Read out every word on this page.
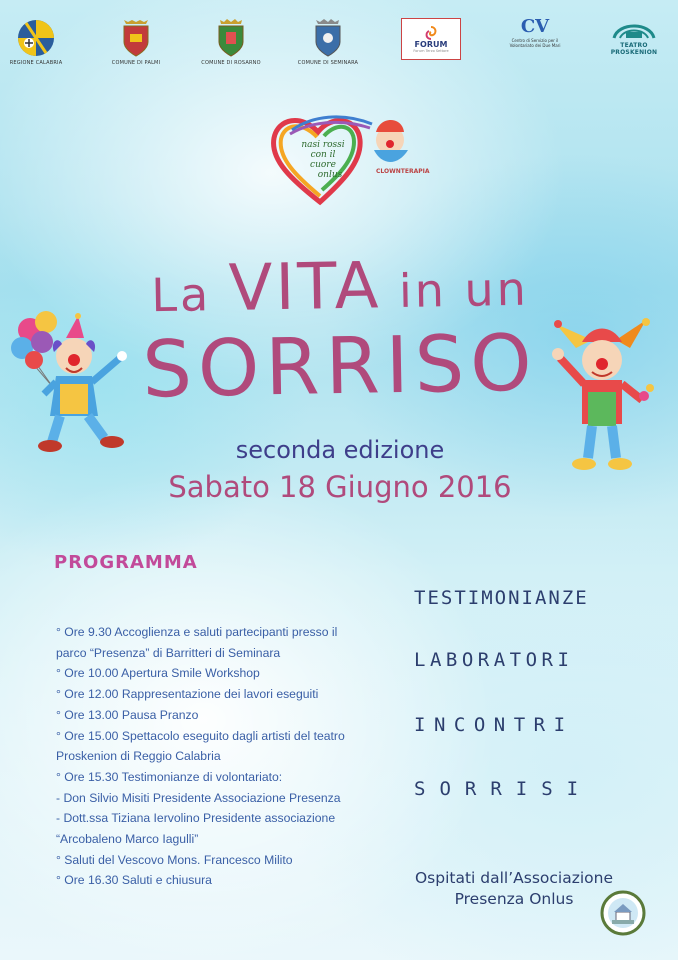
REGIONE CALABRIA	COMUNE DI PALMI	COMUNE DI ROSARNO	COMUNE DI SEMINARA
FORUM
Forum Terzo Settore
CV
Centro di Servizio per il Volontariato dei Due Mari	TEATRO
PROSKENION
nasi rossi
con il cuore
onlus	CLOWNTERAPIA
La VITA in un
SORRISO
seconda edizione
Sabato 18 Giugno 2016
PROGRAMMA
° Ore 9.30 Accoglienza e saluti partecipanti presso il
parco “Presenza” di Barritteri di Seminara
° Ore 10.00 Apertura Smile Workshop
° Ore 12.00 Rappresentazione dei lavori eseguiti
° Ore 13.00 Pausa Pranzo
° Ore 15.00 Spettacolo eseguito dagli artisti del teatro
Proskenion di Reggio Calabria
° Ore 15.30 Testimonianze di volontariato:
- Don Silvio Misiti Presidente Associazione Presenza
- Dott.ssa Tiziana Iervolino Presidente associazione
“Arcobaleno Marco Iagulli”
° Saluti del Vescovo Mons. Francesco Milito
° Ore 16.30 Saluti e chiusura
TESTIMONIANZE
LABORATORI
INCONTRI
SORRISI
Ospitati dall’Associazione
Presenza Onlus
